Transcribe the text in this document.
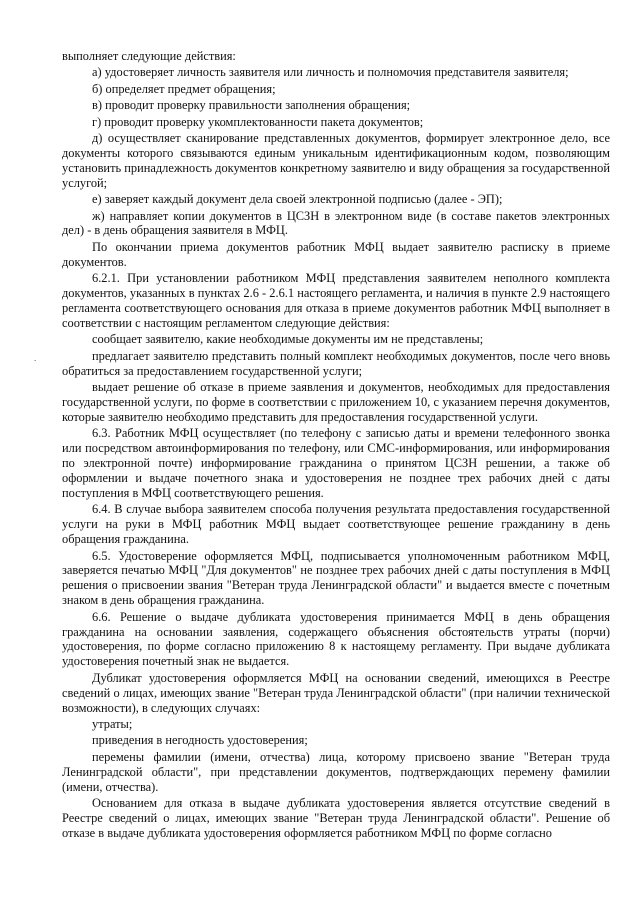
.

выполняет следующие действия:

а) удостоверяет личность заявителя или личность и полномочия представителя заявителя;

б) определяет предмет обращения;

в) проводит проверку правильности заполнения обращения;

г) проводит проверку укомплектованности пакета документов;

д) осуществляет сканирование представленных документов, формирует электронное дело, все документы которого связываются единым уникальным идентификационным кодом, позволяющим установить принадлежность документов конкретному заявителю и виду обращения за государственной услугой;

е) заверяет каждый документ дела своей электронной подписью (далее - ЭП);

ж) направляет копии документов в ЦСЗН в электронном виде (в составе пакетов электронных дел) - в день обращения заявителя в МФЦ.

По окончании приема документов работник МФЦ выдает заявителю расписку в приеме документов.

6.2.1. При установлении работником МФЦ представления заявителем неполного комплекта документов, указанных в пунктах 2.6 - 2.6.1 настоящего регламента, и наличия в пункте 2.9 настоящего регламента соответствующего основания для отказа в приеме документов работник МФЦ выполняет в соответствии с настоящим регламентом следующие действия:

сообщает заявителю, какие необходимые документы им не представлены;

предлагает заявителю представить полный комплект необходимых документов, после чего вновь обратиться за предоставлением государственной услуги;

выдает решение об отказе в приеме заявления и документов, необходимых для предоставления государственной услуги, по форме в соответствии с приложением 10, с указанием перечня документов, которые заявителю необходимо представить для предоставления государственной услуги.

6.3. Работник МФЦ осуществляет (по телефону с записью даты и времени телефонного звонка или посредством автоинформирования по телефону, или СМС-информирования, или информирования по электронной почте) информирование гражданина о принятом ЦСЗН решении, а также об оформлении и выдаче почетного знака и удостоверения не позднее трех рабочих дней с даты поступления в МФЦ соответствующего решения.

6.4. В случае выбора заявителем способа получения результата предоставления государственной услуги на руки в МФЦ работник МФЦ выдает соответствующее решение гражданину в день обращения гражданина.

6.5. Удостоверение оформляется МФЦ, подписывается уполномоченным работником МФЦ, заверяется печатью МФЦ "Для документов" не позднее трех рабочих дней с даты поступления в МФЦ решения о присвоении звания "Ветеран труда Ленинградской области" и выдается вместе с почетным знаком в день обращения гражданина.

6.6. Решение о выдаче дубликата удостоверения принимается МФЦ в день обращения гражданина на основании заявления, содержащего объяснения обстоятельств утраты (порчи) удостоверения, по форме согласно приложению 8 к настоящему регламенту. При выдаче дубликата удостоверения почетный знак не выдается.

Дубликат удостоверения оформляется МФЦ на основании сведений, имеющихся в Реестре сведений о лицах, имеющих звание "Ветеран труда Ленинградской области" (при наличии технической возможности), в следующих случаях:

утраты;

приведения в негодность удостоверения;

перемены фамилии (имени, отчества) лица, которому присвоено звание "Ветеран труда Ленинградской области", при представлении документов, подтверждающих перемену фамилии (имени, отчества).

Основанием для отказа в выдаче дубликата удостоверения является отсутствие сведений в Реестре сведений о лицах, имеющих звание "Ветеран труда Ленинградской области". Решение об отказе в выдаче дубликата удостоверения оформляется работником МФЦ по форме согласно
